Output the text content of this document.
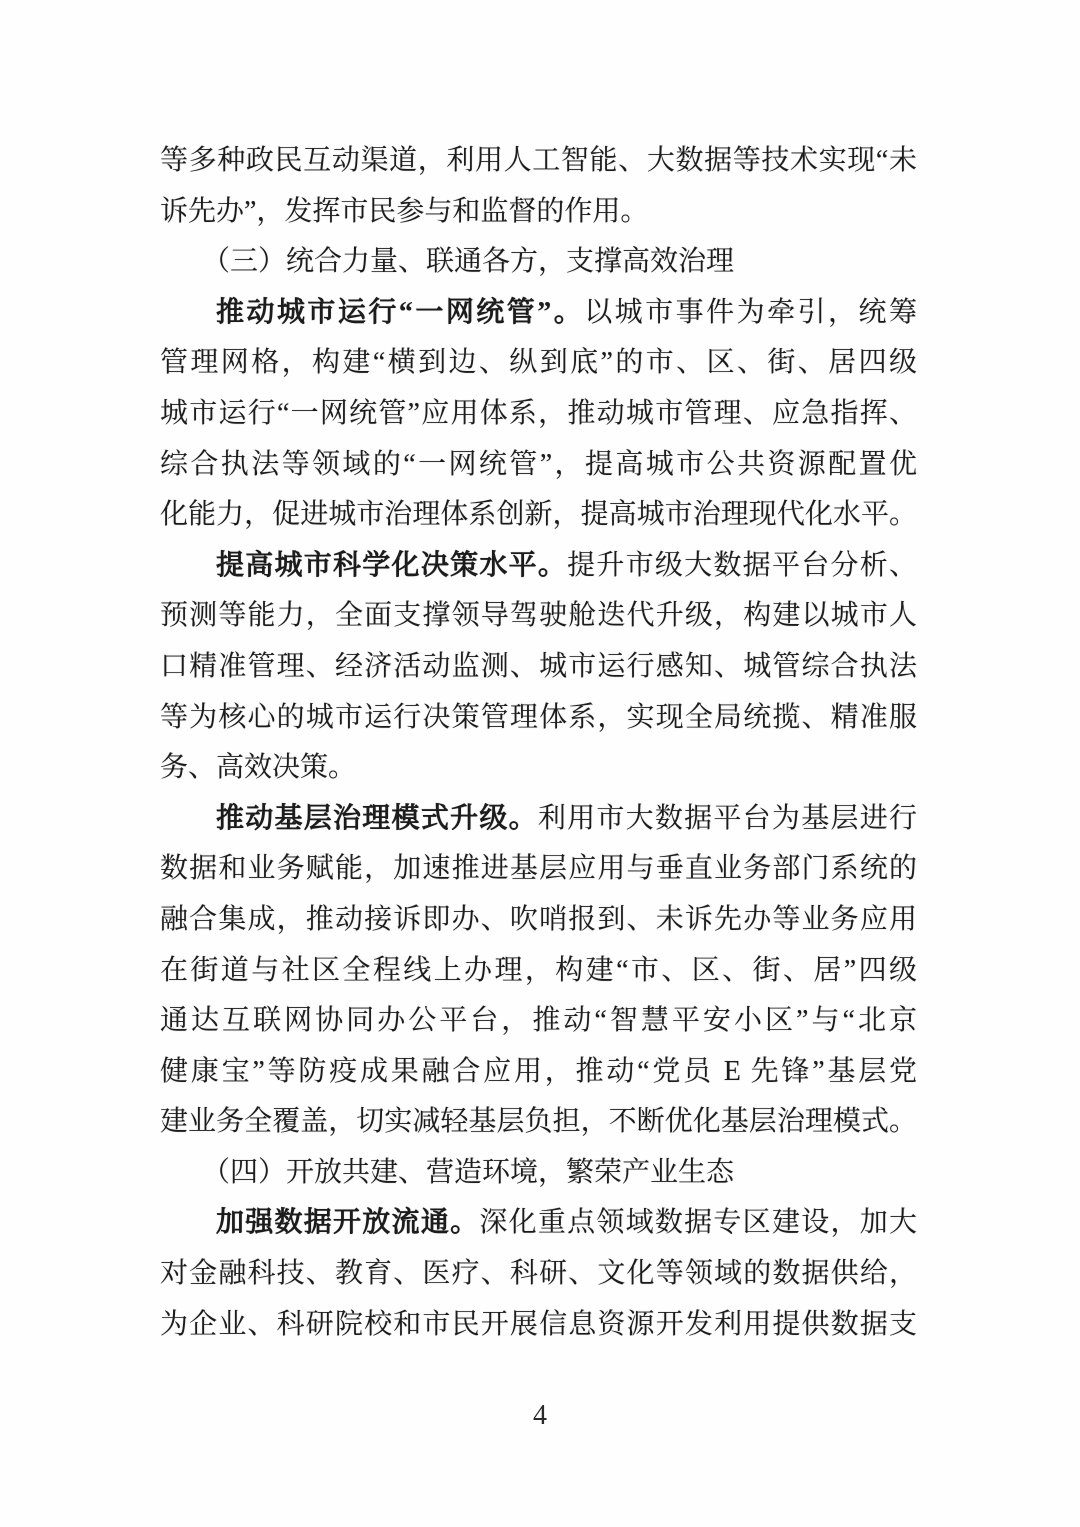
等多种政民互动渠道，利用人工智能、大数据等技术实现“未
诉先办”，发挥市民参与和监督的作用。
（三）统合力量、联通各方，支撑高效治理
推动城市运行“一网统管”。以城市事件为牵引，统筹
管理网格，构建“横到边、纵到底”的市、区、街、居四级
城市运行“一网统管”应用体系，推动城市管理、应急指挥、
综合执法等领域的“一网统管”，提高城市公共资源配置优
化能力，促进城市治理体系创新，提高城市治理现代化水平。
提高城市科学化决策水平。提升市级大数据平台分析、
预测等能力，全面支撑领导驾驶舱迭代升级，构建以城市人
口精准管理、经济活动监测、城市运行感知、城管综合执法
等为核心的城市运行决策管理体系，实现全局统揽、精准服
务、高效决策。
推动基层治理模式升级。利用市大数据平台为基层进行
数据和业务赋能，加速推进基层应用与垂直业务部门系统的
融合集成，推动接诉即办、吹哨报到、未诉先办等业务应用
在街道与社区全程线上办理，构建“市、区、街、居”四级
通达互联网协同办公平台，推动“智慧平安小区”与“北京
健康宝”等防疫成果融合应用，推动“党员 E 先锋”基层党
建业务全覆盖，切实减轻基层负担，不断优化基层治理模式。
（四）开放共建、营造环境，繁荣产业生态
加强数据开放流通。深化重点领域数据专区建设，加大
对金融科技、教育、医疗、科研、文化等领域的数据供给，
为企业、科研院校和市民开展信息资源开发利用提供数据支
4
